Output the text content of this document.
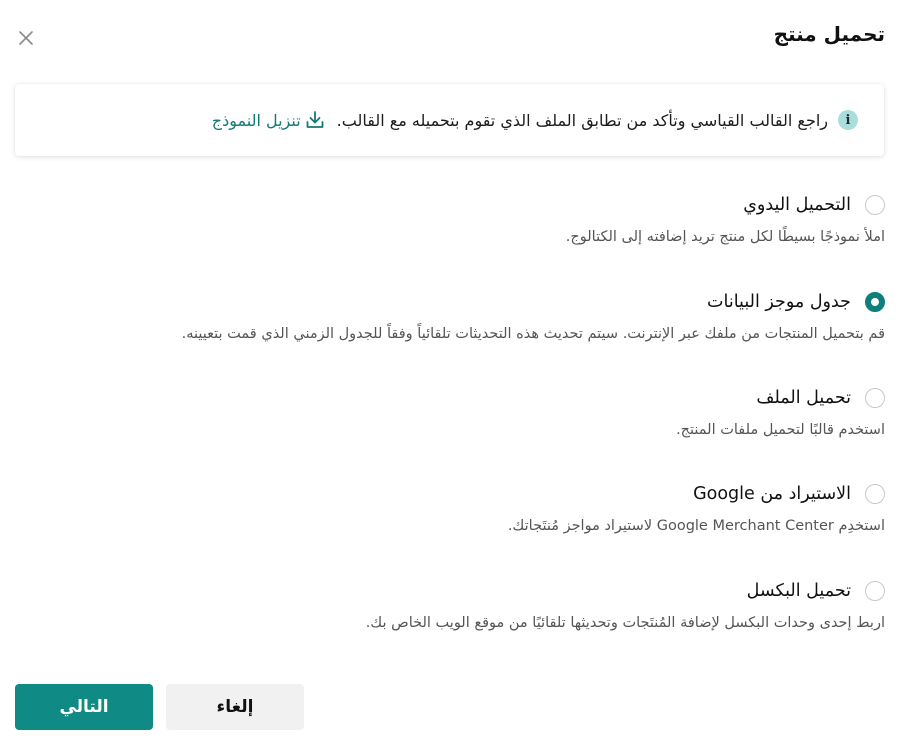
تحميل منتج
i
راجع القالب القياسي وتأكد من تطابق الملف الذي تقوم بتحميله مع القالب.
تنزيل النموذج
التحميل اليدوي
املأ نموذجًا بسيطًا لكل منتج تريد إضافته إلى الكتالوج.
جدول موجز البيانات
قم بتحميل المنتجات من ملفك عبر الإنترنت. سيتم تحديث هذه التحديثات تلقائياً وفقاً للجدول الزمني الذي قمت بتعيينه.
تحميل الملف
استخدم قالبًا لتحميل ملفات المنتج.
الاستيراد من Google
استخدِم Google Merchant Center لاستيراد مواجز مُنتَجاتك.
تحميل البكسل
اربط إحدى وحدات البكسل لإضافة المُنتَجات وتحديثها تلقائيًا من موقع الويب الخاص بك.
إلغاء
التالي
